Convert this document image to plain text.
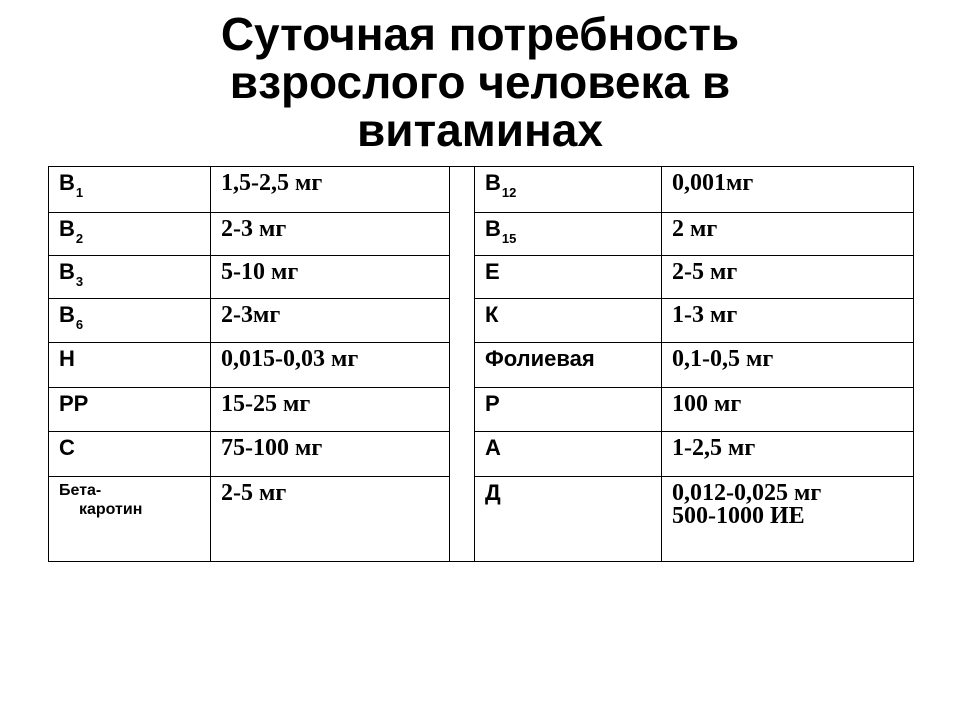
Суточная потребность
взрослого человека в
витаминах
$В_1$	1,5-2,5 мг		$В_{12}$	0,001мг
$В_2$	2-3 мг		$В_{15}$	2 мг
$В_3$	5-10 мг		Е	2-5 мг
$В_6$	2-3мг		К	1-3 мг
Н	0,015-0,03 мг		Фолиевая	0,1-0,5 мг
РР	15-25 мг		Р	100 мг
С	75-100 мг		А	1-2,5 мг

Бета-
каротин	2-5 мг		Д	0,012-0,025 мг
500-1000 ИЕ
